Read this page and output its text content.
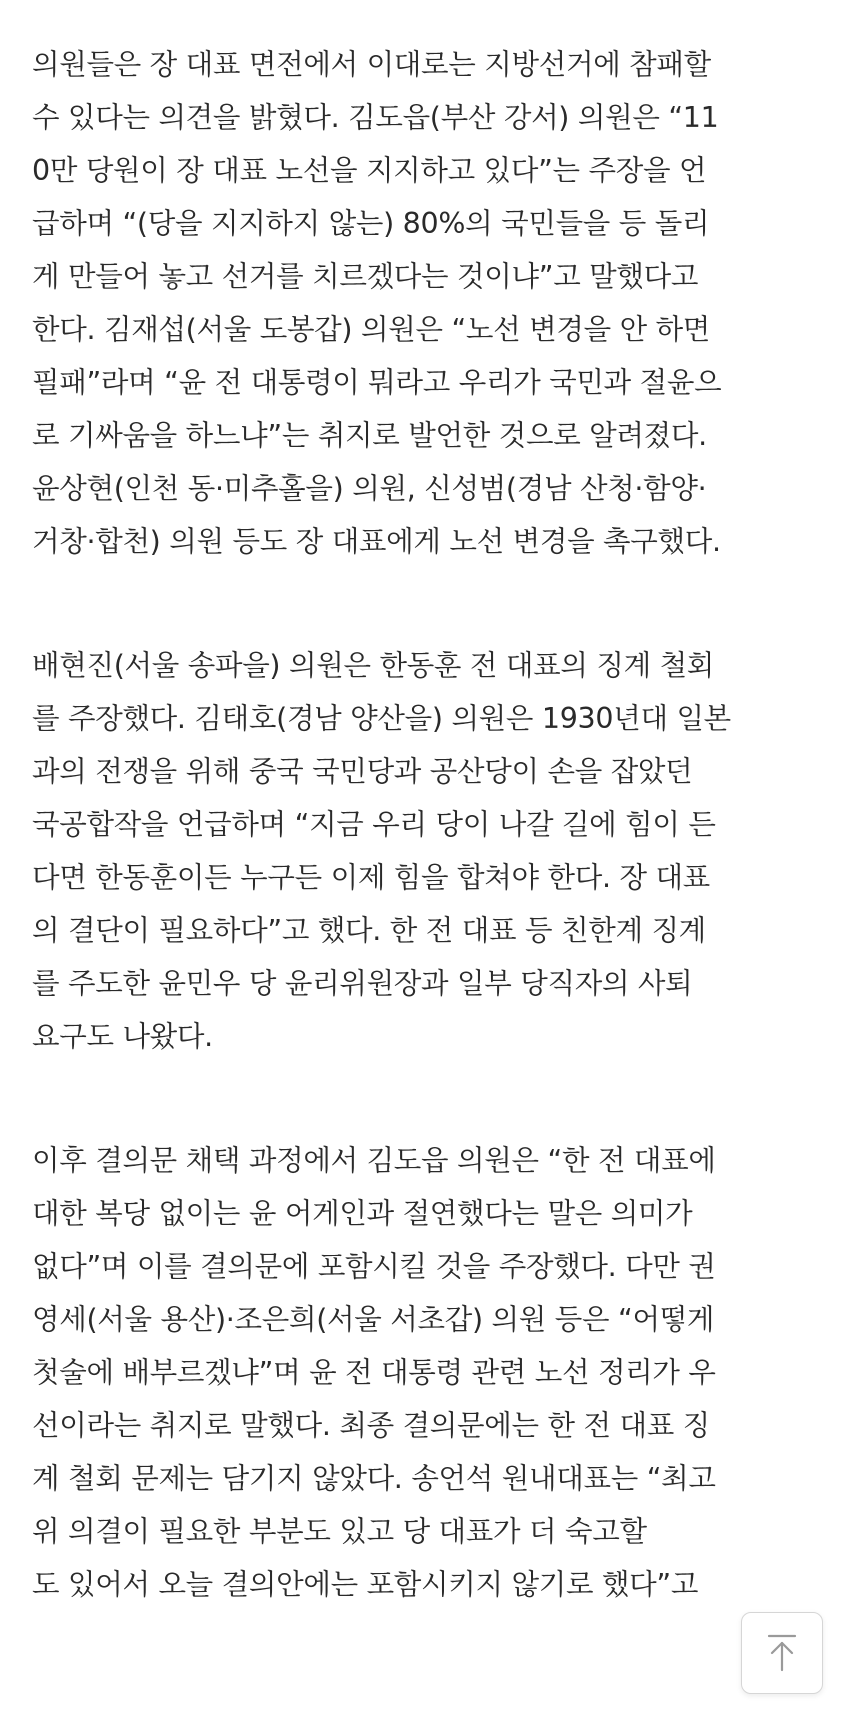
의원들은 장 대표 면전에서 이대로는 지방선거에 참패할
수 있다는 의견을 밝혔다. 김도읍(부산 강서) 의원은 “11
0만 당원이 장 대표 노선을 지지하고 있다”는 주장을 언
급하며 “(당을 지지하지 않는) 80%의 국민들을 등 돌리
게 만들어 놓고 선거를 치르겠다는 것이냐”고 말했다고
한다. 김재섭(서울 도봉갑) 의원은 “노선 변경을 안 하면
필패”라며 “윤 전 대통령이 뭐라고 우리가 국민과 절윤으
로 기싸움을 하느냐”는 취지로 발언한 것으로 알려졌다.
윤상현(인천 동·미추홀을) 의원, 신성범(경남 산청·함양·
거창·합천) 의원 등도 장 대표에게 노선 변경을 촉구했다.
배현진(서울 송파을) 의원은 한동훈 전 대표의 징계 철회
를 주장했다. 김태호(경남 양산을) 의원은 1930년대 일본
과의 전쟁을 위해 중국 국민당과 공산당이 손을 잡았던
국공합작을 언급하며 “지금 우리 당이 나갈 길에 힘이 든
다면 한동훈이든 누구든 이제 힘을 합쳐야 한다. 장 대표
의 결단이 필요하다”고 했다. 한 전 대표 등 친한계 징계
를 주도한 윤민우 당 윤리위원장과 일부 당직자의 사퇴
요구도 나왔다.
이후 결의문 채택 과정에서 김도읍 의원은 “한 전 대표에
대한 복당 없이는 윤 어게인과 절연했다는 말은 의미가
없다”며 이를 결의문에 포함시킬 것을 주장했다. 다만 권
영세(서울 용산)·조은희(서울 서초갑) 의원 등은 “어떻게
첫술에 배부르겠냐”며 윤 전 대통령 관련 노선 정리가 우
선이라는 취지로 말했다. 최종 결의문에는 한 전 대표 징
계 철회 문제는 담기지 않았다. 송언석 원내대표는 “최고
위 의결이 필요한 부분도 있고 당 대표가 더 숙고할
도 있어서 오늘 결의안에는 포함시키지 않기로 했다”고
